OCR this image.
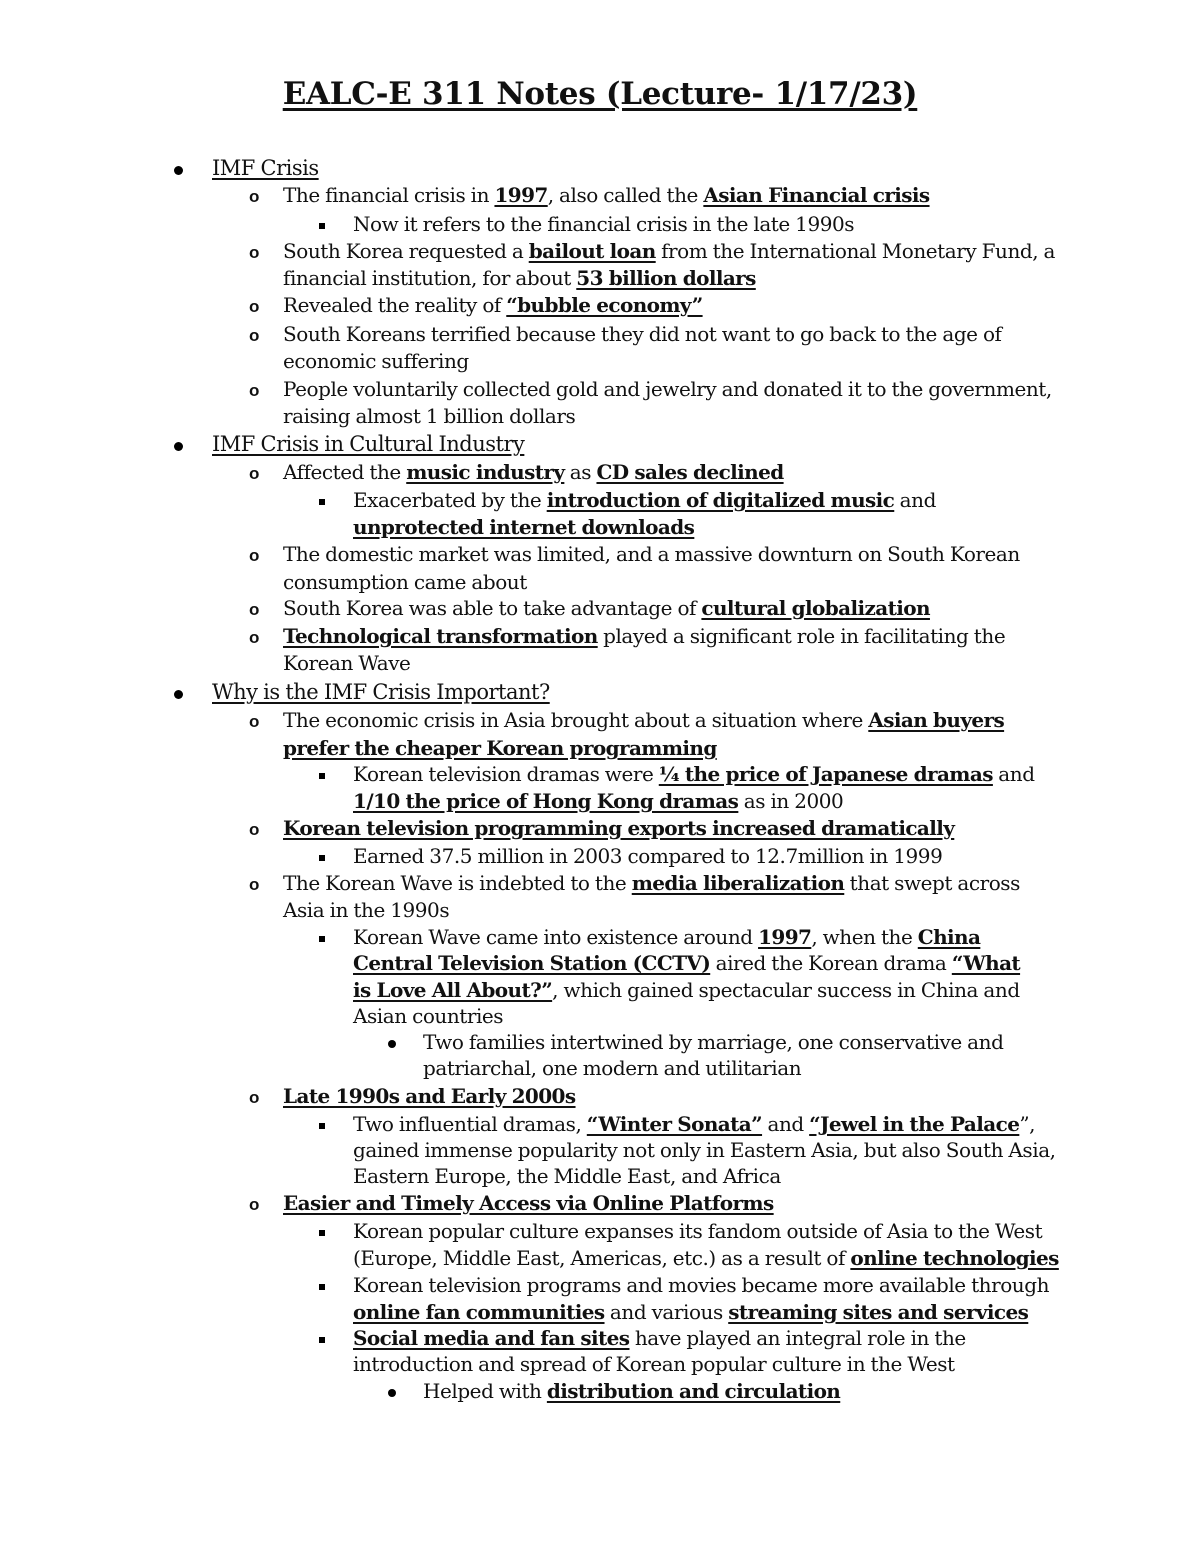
EALC-E 311 Notes (Lecture- 1/17/23)
IMF Crisis
o The financial crisis in 1997, also called the Asian Financial crisis
Now it refers to the financial crisis in the late 1990s
o South Korea requested a bailout loan from the International Monetary Fund, a
financial institution, for about 53 billion dollars
o Revealed the reality of “bubble economy”
o South Koreans terrified because they did not want to go back to the age of
economic suffering
o People voluntarily collected gold and jewelry and donated it to the government,
raising almost 1 billion dollars
IMF Crisis in Cultural Industry
o Affected the music industry as CD sales declined
Exacerbated by the introduction of digitalized music and
unprotected internet downloads
o The domestic market was limited, and a massive downturn on South Korean
consumption came about
o South Korea was able to take advantage of cultural globalization
o Technological transformation played a significant role in facilitating the
Korean Wave
Why is the IMF Crisis Important?
o The economic crisis in Asia brought about a situation where Asian buyers
prefer the cheaper Korean programming
Korean television dramas were ¼ the price of Japanese dramas and
1/10 the price of Hong Kong dramas as in 2000
o Korean television programming exports increased dramatically
Earned 37.5 million in 2003 compared to 12.7million in 1999
o The Korean Wave is indebted to the media liberalization that swept across
Asia in the 1990s
Korean Wave came into existence around 1997, when the China
Central Television Station (CCTV) aired the Korean drama “What
is Love All About?”, which gained spectacular success in China and
Asian countries
Two families intertwined by marriage, one conservative and
patriarchal, one modern and utilitarian
o Late 1990s and Early 2000s
Two influential dramas, “Winter Sonata” and “Jewel in the Palace”,
gained immense popularity not only in Eastern Asia, but also South Asia,
Eastern Europe, the Middle East, and Africa
o Easier and Timely Access via Online Platforms
Korean popular culture expanses its fandom outside of Asia to the West
(Europe, Middle East, Americas, etc.) as a result of online technologies
Korean television programs and movies became more available through
online fan communities and various streaming sites and services
Social media and fan sites have played an integral role in the
introduction and spread of Korean popular culture in the West
Helped with distribution and circulation
